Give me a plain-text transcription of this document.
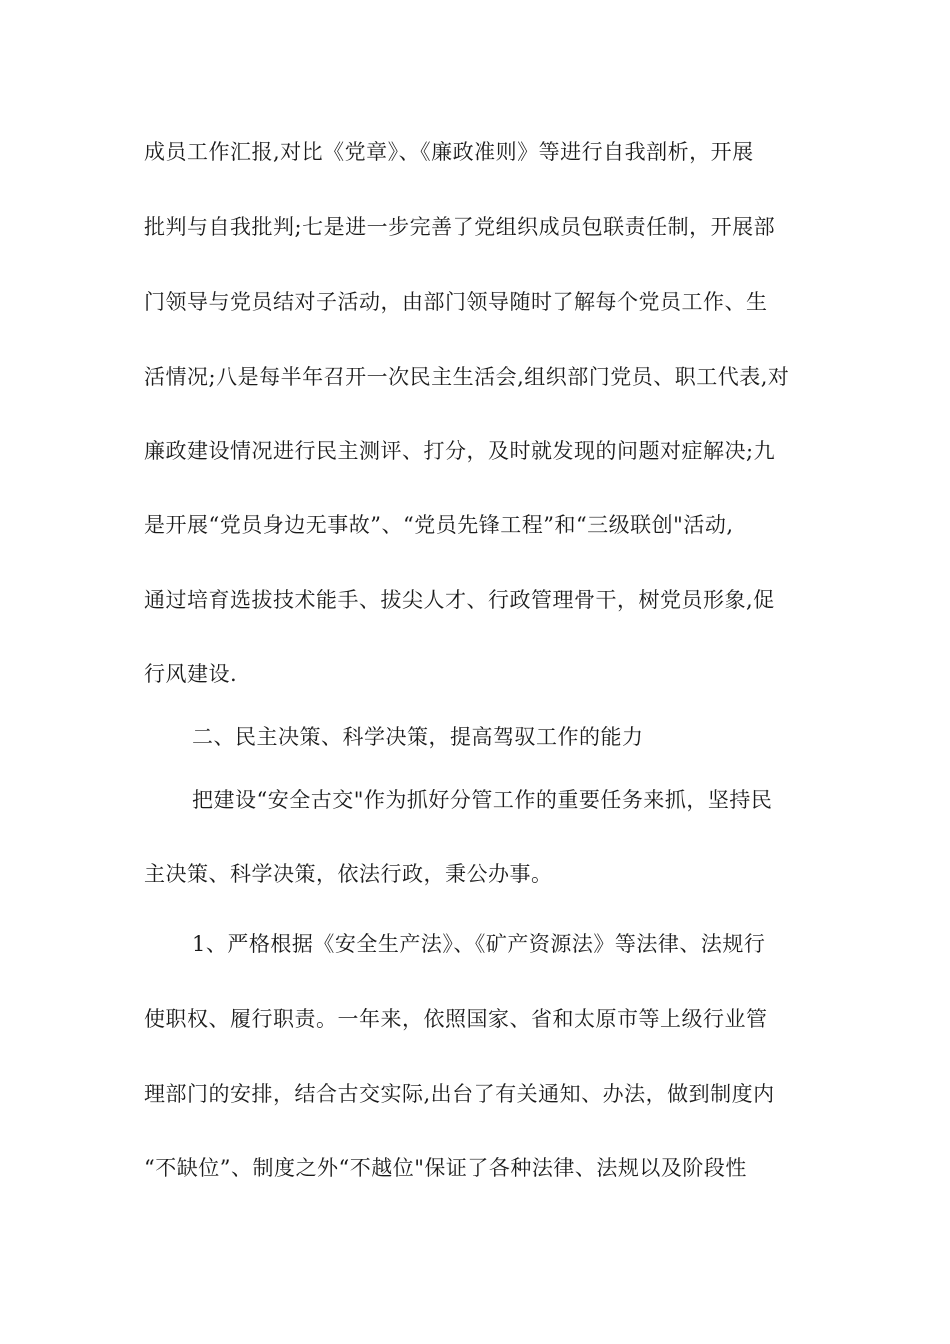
成员工作汇报,对比《党章》、《廉政准则》等进行自我剖析，开展
批判与自我批判;七是进一步完善了党组织成员包联责任制，开展部
门领导与党员结对子活动，由部门领导随时了解每个党员工作、生
活情况;八是每半年召开一次民主生活会,组织部门党员、职工代表,对
廉政建设情况进行民主测评、打分，及时就发现的问题对症解决;九
是开展“党员身边无事故”、“党员先锋工程”和“三级联创"活动,
通过培育选拔技术能手、拔尖人才、行政管理骨干，树党员形象,促
行风建设.
二、民主决策、科学决策，提高驾驭工作的能力
把建设“安全古交"作为抓好分管工作的重要任务来抓，坚持民
主决策、科学决策，依法行政，秉公办事。
1、严格根据《安全生产法》、《矿产资源法》等法律、法规行
使职权、履行职责。一年来，依照国家、省和太原市等上级行业管
理部门的安排，结合古交实际,出台了有关通知、办法，做到制度内
“不缺位”、制度之外“不越位"保证了各种法律、法规以及阶段性
